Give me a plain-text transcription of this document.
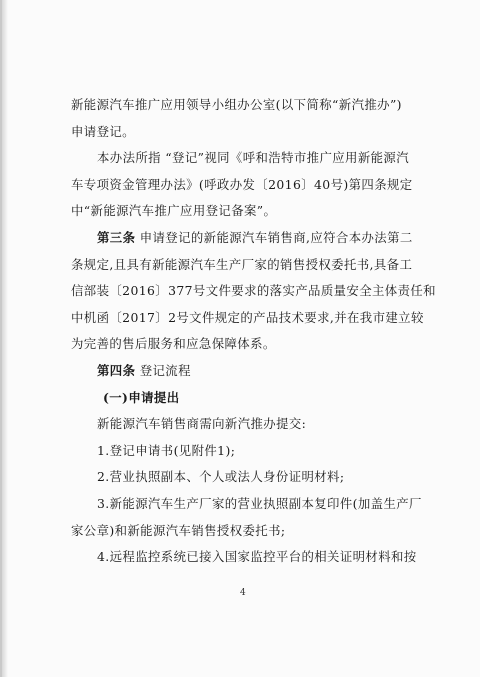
新能源汽车推广应用领导小组办公室(以下简称“新汽推办”)
申请登记。
本办法所指 “登记”视同《呼和浩特市推广应用新能源汽
车专项资金管理办法》(呼政办发〔2016〕40号)第四条规定
中“新能源汽车推广应用登记备案”。
第三条 申请登记的新能源汽车销售商,应符合本办法第二
条规定,且具有新能源汽车生产厂家的销售授权委托书,具备工
信部装〔2016〕377号文件要求的落实产品质量安全主体责任和
中机函〔2017〕2号文件规定的产品技术要求,并在我市建立较
为完善的售后服务和应急保障体系。
第四条 登记流程
(一)申请提出
新能源汽车销售商需向新汽推办提交:
1.登记申请书(见附件1);
2.营业执照副本、个人或法人身份证明材料;
3.新能源汽车生产厂家的营业执照副本复印件(加盖生产厂
家公章)和新能源汽车销售授权委托书;
4.远程监控系统已接入国家监控平台的相关证明材料和按
4
